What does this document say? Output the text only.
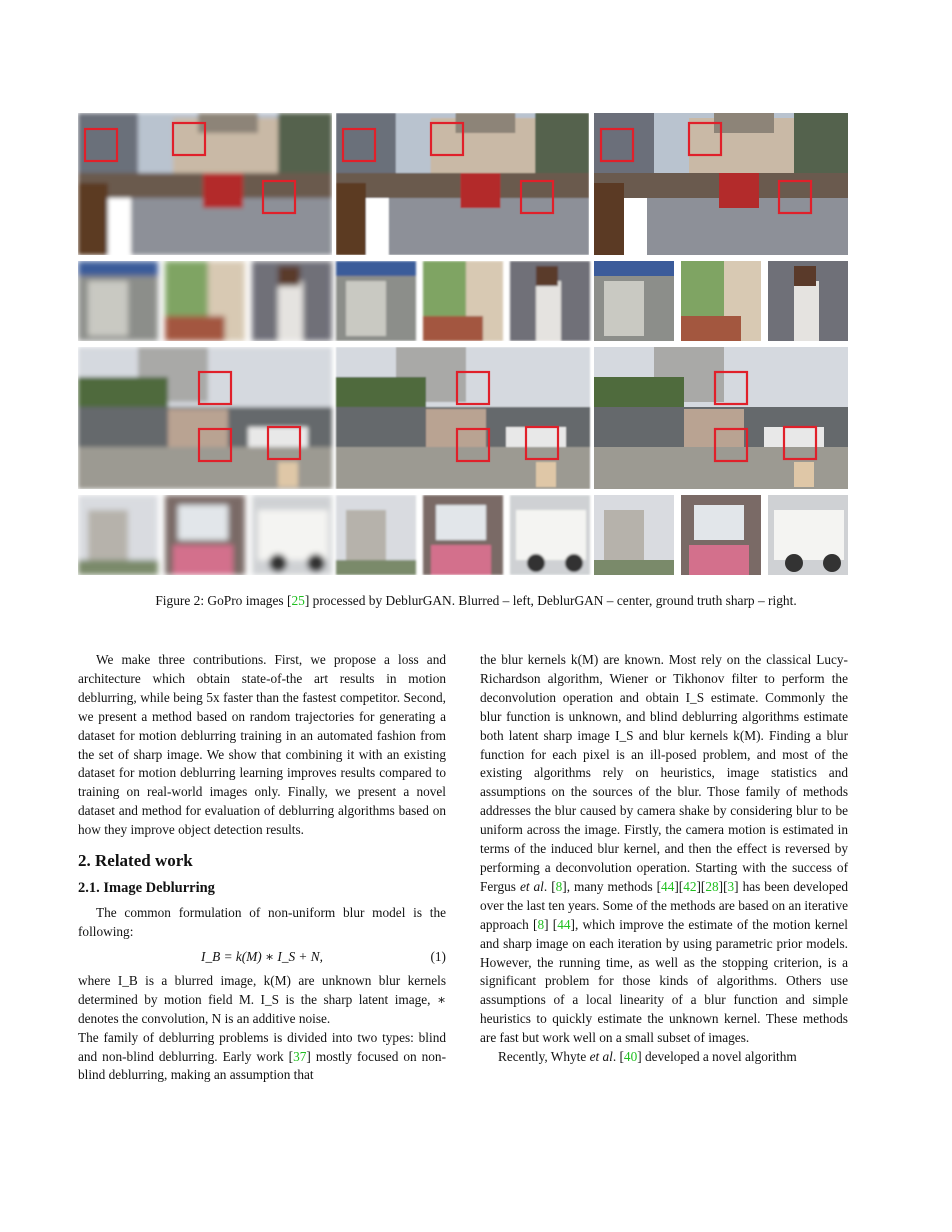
Figure 2: GoPro images [25] processed by DeblurGAN. Blurred – left, DeblurGAN – center, ground truth sharp – right.

We make three contributions. First, we propose a loss and architecture which obtain state-of-the art results in motion deblurring, while being 5x faster than the fastest competitor. Second, we present a method based on random trajectories for generating a dataset for motion deblurring training in an automated fashion from the set of sharp image. We show that combining it with an existing dataset for motion deblurring learning improves results compared to training on real-world images only. Finally, we present a novel dataset and method for evaluation of deblurring algorithms based on how they improve object detection results.

2. Related work
2.1. Image Deblurring

The common formulation of non-uniform blur model is the following:

I_B = k(M) ∗ I_S + N,	(1)

where I_B is a blurred image, k(M) are unknown blur kernels determined by motion field M. I_S is the sharp latent image, ∗ denotes the convolution, N is an additive noise.

The family of deblurring problems is divided into two types: blind and non-blind deblurring. Early work [37] mostly focused on non-blind deblurring, making an assumption that

the blur kernels k(M) are known. Most rely on the classical Lucy-Richardson algorithm, Wiener or Tikhonov filter to perform the deconvolution operation and obtain I_S estimate. Commonly the blur function is unknown, and blind deblurring algorithms estimate both latent sharp image I_S and blur kernels k(M). Finding a blur function for each pixel is an ill-posed problem, and most of the existing algorithms rely on heuristics, image statistics and assumptions on the sources of the blur. Those family of methods addresses the blur caused by camera shake by considering blur to be uniform across the image. Firstly, the camera motion is estimated in terms of the induced blur kernel, and then the effect is reversed by performing a deconvolution operation. Starting with the success of Fergus et al. [8], many methods [44][42][28][3] has been developed over the last ten years. Some of the methods are based on an iterative approach [8] [44], which improve the estimate of the motion kernel and sharp image on each iteration by using parametric prior models. However, the running time, as well as the stopping criterion, is a significant problem for those kinds of algorithms. Others use assumptions of a local linearity of a blur function and simple heuristics to quickly estimate the unknown kernel. These methods are fast but work well on a small subset of images.

Recently, Whyte et al. [40] developed a novel algorithm
